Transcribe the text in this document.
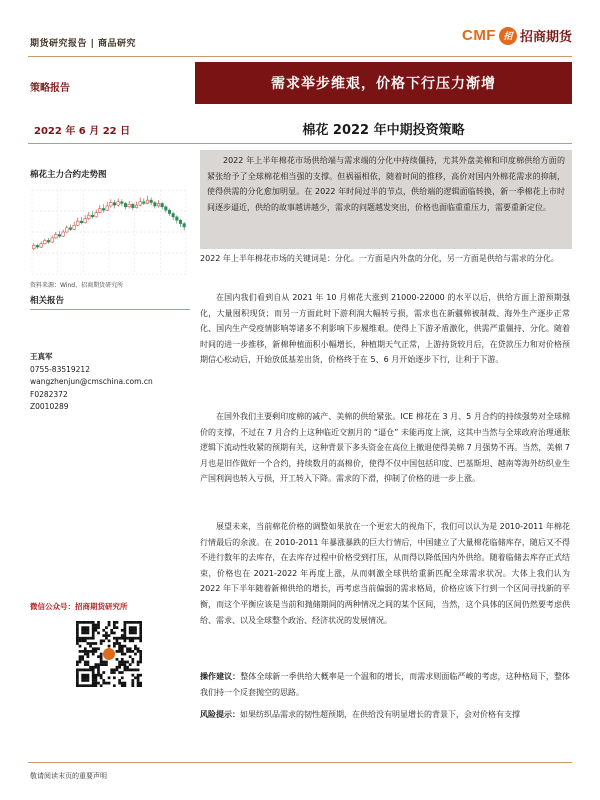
期货研究报告 | 商品研究	CMF 招 招商期货
策略报告	需求举步维艰，价格下行压力渐增
2022 年 6 月 22 日	棉花 2022 年中期投资策略
棉花主力合约走势图
资料来源：Wind，招商期货研究所
相关报告
王真军
0755-83519212
wangzhenjun@cmschina.com.cn
F0282372
Z0010289
微信公众号：招商期货研究所
2022 年上半年棉花市场供给端与需求端的分化中持续僵持，尤其外盘美棉和印度棉供给方面的紧张给予了全球棉花相当强的支撑。但祸福相依，随着时间的推移，高价对国内外棉花需求的抑制，使得供需的分化愈加明显。在 2022 年时间过半的节点，供给端的逻辑面临转换，新一季棉花上市时间逐步逼近，供给的故事越讲越少，需求的问题越发突出，价格也面临重重压力，需要重新定位。
2022 年上半年棉花市场的关键词是：分化。一方面是内外盘的分化，另一方面是供给与需求的分化。
在国内我们看到自从 2021 年 10 月棉花大涨到 21000-22000 的水平以后，供给方面上游预期强化，大量囤积现货；而另一方面此时下游利润大幅转亏损，需求也在新疆棉被制裁、海外生产逐步正常化、国内生产受疫情影响等诸多不利影响下步履维艰。使得上下游矛盾激化，供需严重僵持、分化。随着时间的进一步推移，新棉种植面积小幅增长，种植期天气正常，上游持货较月后，在贷款压力和对价格预期信心松动后，开始放低基差出货，价格终于在 5、6 月开始逐步下行，让利于下游。
在国外我们主要剩印度棉的减产、美棉的供给紧张。ICE 棉花在 3 月、5 月合约的持续强势对全球棉价的支撑，不过在 7 月合约上这种临近交割月的 “逼仓” 未能再度上演，这其中当然与全球政府治理通胀逻辑下流动性收紧的预期有关，这种背景下多头资金在高位上撤退使得美棉 7 月强势不再。当然，美棉 7 月也是旧作做好一个合约，持续数月的高棉价，使得不仅中国包括印度、巴基斯坦、越南等海外纺织业生产国利润也转入亏损，开工转入下降。需求的下滑，抑制了价格的进一步上涨。
展望未来，当前棉花价格的调整如果放在一个更宏大的视角下，我们可以认为是 2010-2011 年棉花行情最后的余波。在 2010-2011 年暴涨暴跌的巨大行情后，中国建立了大量棉花临储库存，随后又不得不进行数年的去库存，在去库存过程中价格受到打压，从而得以降低国内外供给。随着临储去库存正式结束，价格也在 2021-2022 年再度上涨，从而刺激全球供给重新匹配全球需求状况。大体上我们认为 2022 年下半年随着新棉供给的增长，再考虑当前偏弱的需求格局，价格应该下行到一个区间寻找新的平衡，而这个平衡应该是当前和抛储期间的两种情况之间的某个区间，当然，这个具体的区间仍然要考虑供给、需求、以及全球整个政治、经济状况的发展情况。
操作建议：整体全球新一季供给大概率是一个温和的增长，而需求则面临严峻的考虑，这种格局下，整体我们持一个反套抛空的思路。
风险提示：如果纺织品需求的韧性超预期，在供给没有明显增长的背景下，会对价格有支撑
敬请阅读末页的重要声明
